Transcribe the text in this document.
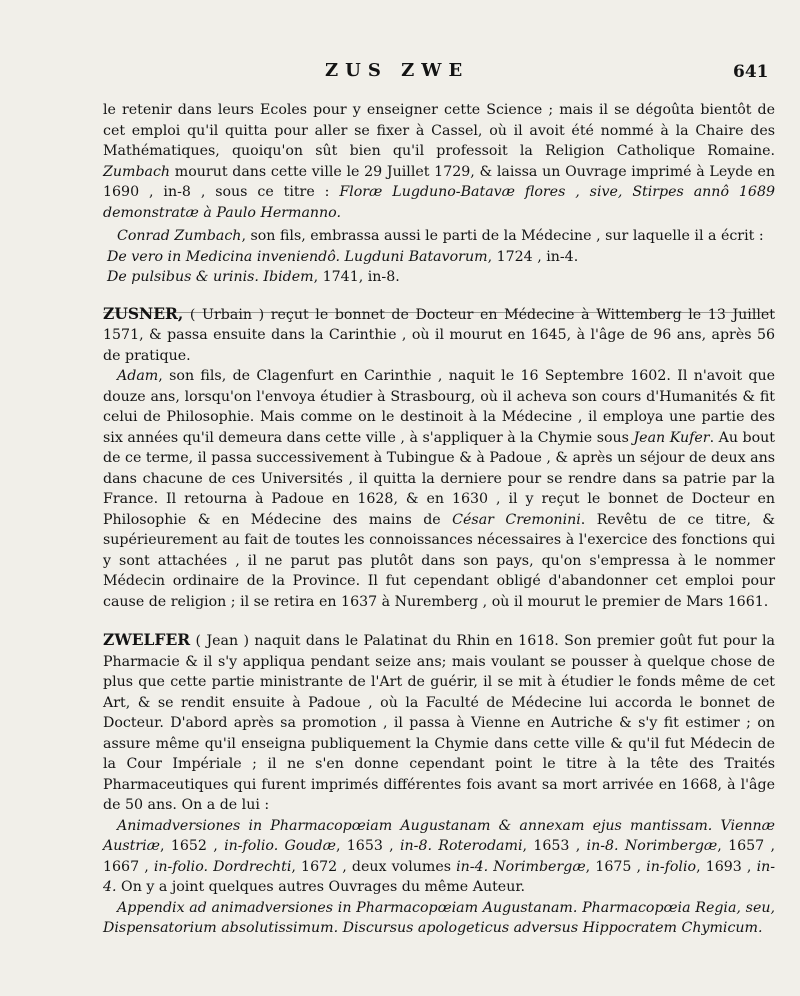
ZUS ZWE	641

le retenir dans leurs Ecoles pour y enseigner cette Science ; mais il se dégoûta bientôt de cet emploi qu'il quitta pour aller se fixer à Cassel, où il avoit été nommé à la Chaire des Mathématiques, quoiqu'on sût bien qu'il professoit la Religion Catholique Romaine. Zumbach mourut dans cette ville le 29 Juillet 1729, & laissa un Ouvrage imprimé à Leyde en 1690 , in-8 , sous ce titre : Floræ Lugduno-Batavæ flores , sive, Stirpes annô 1689 demonstratæ à Paulo Hermanno.

Conrad Zumbach, son fils, embrassa aussi le parti de la Médecine , sur laquelle il a écrit :

De vero in Medicina inveniendô. Lugduni Batavorum, 1724 , in-4.

De pulsibus & urinis. Ibidem, 1741, in-8.

ZUSNER, ( Urbain ) reçut le bonnet de Docteur en Médecine à Wittemberg le 13 Juillet 1571, & passa ensuite dans la Carinthie , où il mourut en 1645, à l'âge de 96 ans, après 56 de pratique.

Adam, son fils, de Clagenfurt en Carinthie , naquit le 16 Septembre 1602. Il n'avoit que douze ans, lorsqu'on l'envoya étudier à Strasbourg, où il acheva son cours d'Humanités & fit celui de Philosophie. Mais comme on le destinoit à la Médecine , il employa une partie des six années qu'il demeura dans cette ville , à s'appliquer à la Chymie sous Jean Kufer. Au bout de ce terme, il passa successivement à Tubingue & à Padoue , & après un séjour de deux ans dans chacune de ces Universités , il quitta la derniere pour se rendre dans sa patrie par la France. Il retourna à Padoue en 1628, & en 1630 , il y reçut le bonnet de Docteur en Philosophie & en Médecine des mains de César Cremonini. Revêtu de ce titre, & supérieurement au fait de toutes les connoissances nécessaires à l'exercice des fonctions qui y sont attachées , il ne parut pas plutôt dans son pays, qu'on s'empressa à le nommer Médecin ordinaire de la Province. Il fut cependant obligé d'abandonner cet emploi pour cause de religion ; il se retira en 1637 à Nuremberg , où il mourut le premier de Mars 1661.

ZWELFER ( Jean ) naquit dans le Palatinat du Rhin en 1618. Son premier goût fut pour la Pharmacie & il s'y appliqua pendant seize ans; mais voulant se pousser à quelque chose de plus que cette partie ministrante de l'Art de guérir, il se mit à étudier le fonds même de cet Art, & se rendit ensuite à Padoue , où la Faculté de Médecine lui accorda le bonnet de Docteur. D'abord après sa promotion , il passa à Vienne en Autriche & s'y fit estimer ; on assure même qu'il enseigna publiquement la Chymie dans cette ville & qu'il fut Médecin de la Cour Impériale ; il ne s'en donne cependant point le titre à la tête des Traités Pharmaceutiques qui furent imprimés différentes fois avant sa mort arrivée en 1668, à l'âge de 50 ans. On a de lui :

Animadversiones in Pharmacopœiam Augustanam & annexam ejus mantissam. Viennæ Austriæ, 1652 , in-folio. Goudæ, 1653 , in-8. Roterodami, 1653 , in-8. Norimbergæ, 1657 , 1667 , in-folio. Dordrechti, 1672 , deux volumes in-4. Norimbergæ, 1675 , in-folio, 1693 , in-4. On y a joint quelques autres Ouvrages du même Auteur.

Appendix ad animadversiones in Pharmacopœiam Augustanam. Pharmacopœia Regia, seu, Dispensatorium absolutissimum. Discursus apologeticus adversus Hippocratem Chymicum.
